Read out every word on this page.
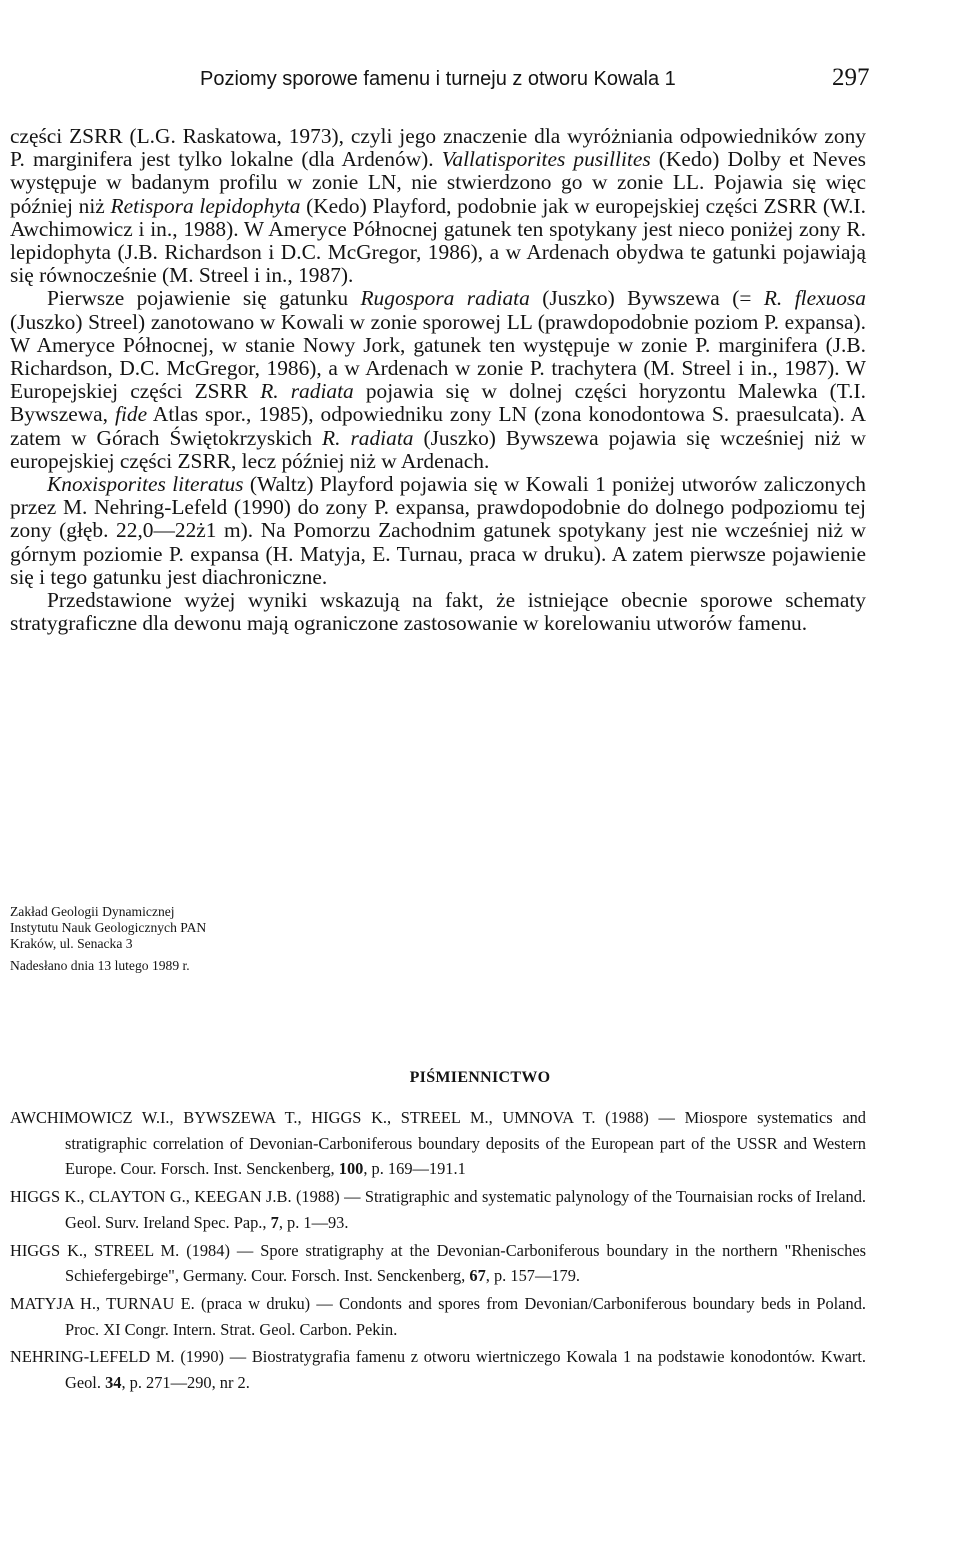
Poziomy sporowe famenu i turneju z otworu Kowala 1	297

części ZSRR (L.G. Raskatowa, 1973), czyli jego znaczenie dla wyróżniania odpowiedników zony P. marginifera jest tylko lokalne (dla Ardenów). Vallatisporites pusillites (Kedo) Dolby et Neves występuje w badanym profilu w zonie LN, nie stwierdzono go w zonie LL. Pojawia się więc później niż Retispora lepidophyta (Kedo) Playford, podobnie jak w europejskiej części ZSRR (W.I. Awchimowicz i in., 1988). W Ameryce Północnej gatunek ten spotykany jest nieco poniżej zony R. lepidophyta (J.B. Richardson i D.C. McGregor, 1986), a w Ardenach obydwa te gatunki pojawiają się równocześnie (M. Streel i in., 1987).

Pierwsze pojawienie się gatunku Rugospora radiata (Juszko) Bywszewa (= R. flexuosa (Juszko) Streel) zanotowano w Kowali w zonie sporowej LL (prawdopodobnie poziom P. expansa). W Ameryce Północnej, w stanie Nowy Jork, gatunek ten występuje w zonie P. marginifera (J.B. Richardson, D.C. McGregor, 1986), a w Ardenach w zonie P. trachytera (M. Streel i in., 1987). W Europejskiej części ZSRR R. radiata pojawia się w dolnej części horyzontu Malewka (T.I. Bywszewa, fide Atlas spor., 1985), odpowiedniku zony LN (zona konodontowa S. praesulcata). A zatem w Górach Świętokrzyskich R. radiata (Juszko) Bywszewa pojawia się wcześniej niż w europejskiej części ZSRR, lecz później niż w Ardenach.

Knoxisporites literatus (Waltz) Playford pojawia się w Kowali 1 poniżej utworów zaliczonych przez M. Nehring-Lefeld (1990) do zony P. expansa, prawdopodobnie do dolnego podpoziomu tej zony (głęb. 22,0—22ż1 m). Na Pomorzu Zachodnim gatunek spotykany jest nie wcześniej niż w górnym poziomie P. expansa (H. Matyja, E. Turnau, praca w druku). A zatem pierwsze pojawienie się i tego gatunku jest diachroniczne.

Przedstawione wyżej wyniki wskazują na fakt, że istniejące obecnie sporowe schematy stratygraficzne dla dewonu mają ograniczone zastosowanie w korelowaniu utworów famenu.

Zakład Geologii Dynamicznej
Instytutu Nauk Geologicznych PAN
Kraków, ul. Senacka 3
Nadesłano dnia 13 lutego 1989 r.
PIŚMIENNICTWO
AWCHIMOWICZ W.I., BYWSZEWA T., HIGGS K., STREEL M., UMNOVA T. (1988) — Miospore systematics and stratigraphic correlation of Devonian-Carboniferous boundary deposits of the European part of the USSR and Western Europe. Cour. Forsch. Inst. Senckenberg, 100, p. 169—191.1
HIGGS K., CLAYTON G., KEEGAN J.B. (1988) — Stratigraphic and systematic palynology of the Tournaisian rocks of Ireland. Geol. Surv. Ireland Spec. Pap., 7, p. 1—93.
HIGGS K., STREEL M. (1984) — Spore stratigraphy at the Devonian-Carboniferous boundary in the northern "Rhenisches Schiefergebirge", Germany. Cour. Forsch. Inst. Senckenberg, 67, p. 157—179.
MATYJA H., TURNAU E. (praca w druku) — Condonts and spores from Devonian/Carboniferous boundary beds in Poland. Proc. XI Congr. Intern. Strat. Geol. Carbon. Pekin.
NEHRING-LEFELD M. (1990) — Biostratygrafia famenu z otworu wiertniczego Kowala 1 na podstawie konodontów. Kwart. Geol. 34, p. 271—290, nr 2.
